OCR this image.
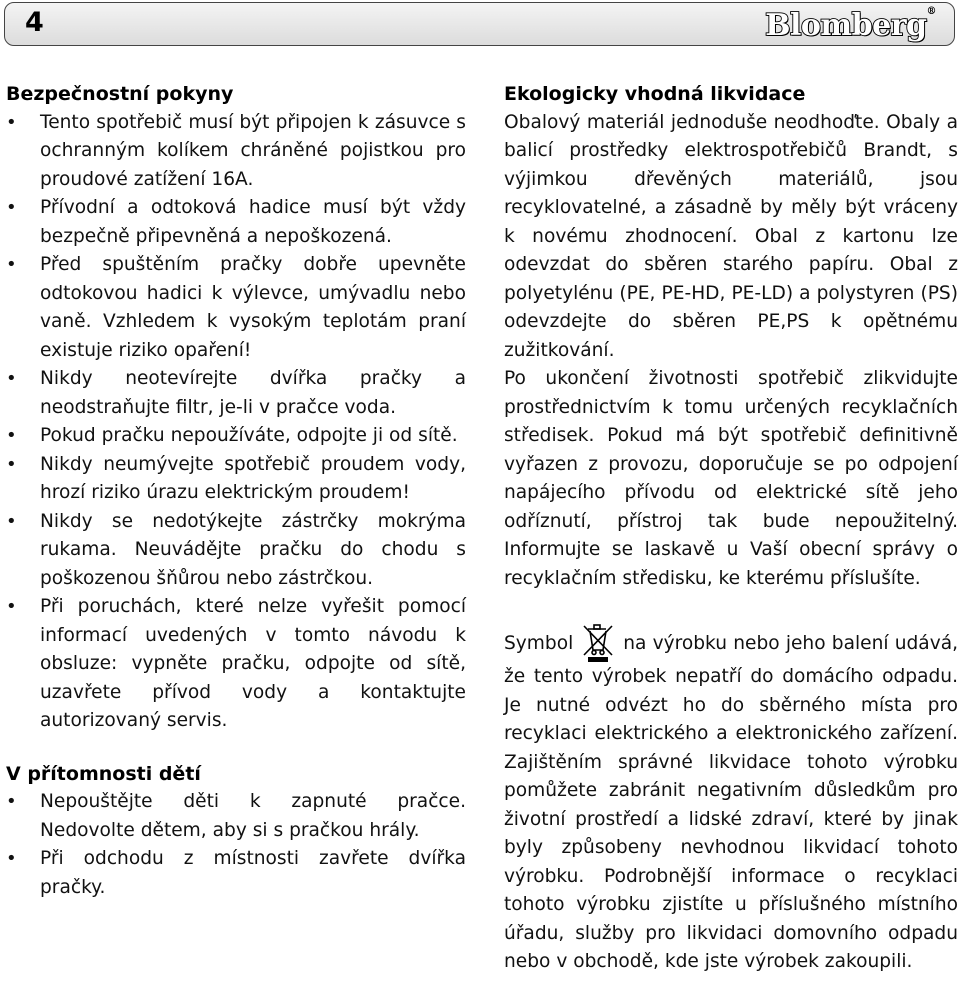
4	Blomberg®
Bezpečnostní pokyny
• Tento spotřebič musí být připojen k zásuvce s ochranným kolíkem chráněné pojistkou pro proudové zatížení 16A.
• Přívodní a odtoková hadice musí být vždy bezpečně připevněná a nepoškozená.
• Před spuštěním pračky dobře upevněte odtokovou hadici k výlevce, umývadlu nebo vaně. Vzhledem k vysokým teplotám praní existuje riziko opaření!
• Nikdy neotevírejte dvířka pračky a neodstraňujte filtr, je-li v pračce voda.
• Pokud pračku nepoužíváte, odpojte ji od sítě.
• Nikdy neumývejte spotřebič proudem vody, hrozí riziko úrazu elektrickým proudem!
• Nikdy se nedotýkejte zástrčky mokrýma rukama. Neuvádějte pračku do chodu s poškozenou šňůrou nebo zástrčkou.
• Při poruchách, které nelze vyřešit pomocí informací uvedených v tomto návodu k obsluze: vypněte pračku, odpojte od sítě, uzavřete přívod vody a kontaktujte autorizovaný servis.
V přítomnosti dětí
• Nepouštějte děti k zapnuté pračce. Nedovolte dětem, aby si s pračkou hrály.
• Při odchodu z místnosti zavřete dvířka pračky.
Ekologicky vhodná likvidace

Obalový materiál jednoduše neodhoďte. Obaly a balicí prostředky elektrospotřebičů Brandt, s výjimkou dřevěných materiálů, jsou recyklovatelné, a zásadně by měly být vráceny k novému zhodnocení. Obal z kartonu lze odevzdat do sběren starého papíru. Obal z polyetylénu (PE, PE-HD, PE-LD) a polystyren (PS) odevzdejte do sběren PE,PS k opětnému zužitkování.

Po ukončení životnosti spotřebič zlikvidujte prostřednictvím k tomu určených recyklačních středisek. Pokud má být spotřebič definitivně vyřazen z provozu, doporučuje se po odpojení napájecího přívodu od elektrické sítě jeho odříznutí, přístroj tak bude nepoužitelný. Informujte se laskavě u Vaší obecní správy o recyklačním středisku, ke kterému příslušíte.

Symbol	na výrobku nebo jeho balení udává, že tento výrobek nepatří do domácího odpadu. Je nutné odvézt ho do sběrného místa pro recyklaci elektrického a elektronického zařízení. Zajištěním správné likvidace tohoto výrobku pomůžete zabránit negativním důsledkům pro životní prostředí a lidské zdraví, které by jinak byly způsobeny nevhodnou likvidací tohoto výrobku. Podrobnější informace o recyklaci tohoto výrobku zjistíte u příslušného místního úřadu, služby pro likvidaci domovního odpadu nebo v obchodě, kde jste výrobek zakoupili.
